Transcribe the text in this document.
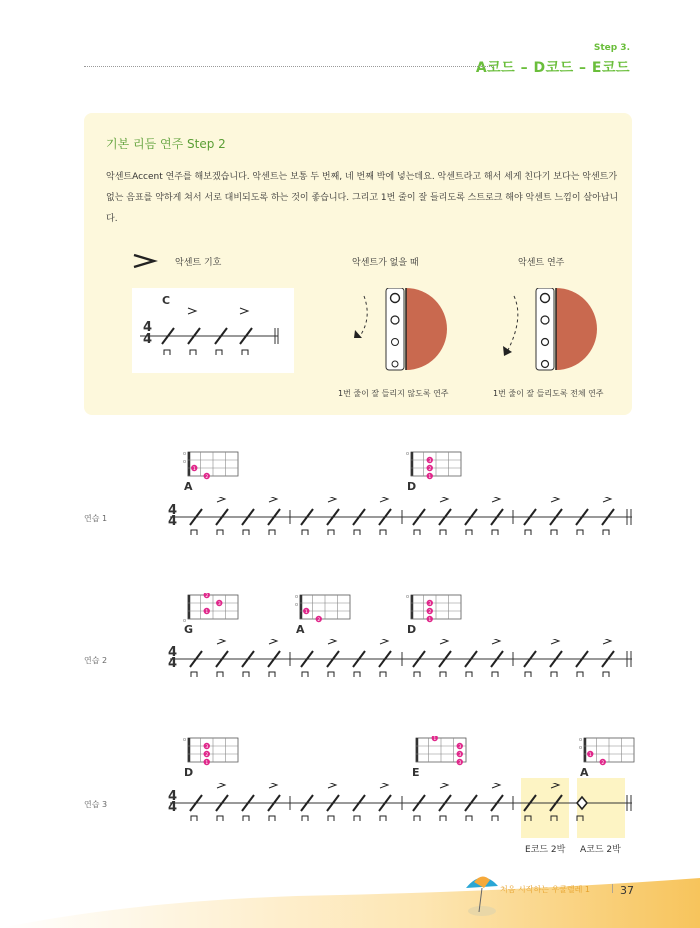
Step 3.
A코드 – D코드 – E코드
기본 리듬 연주 Step 2
악센트Accent 연주를 해보겠습니다. 악센트는 보통 두 번째, 네 번째 박에 넣는데요. 악센트라고 해서 세게 친다기 보다는 악센트가 없는 음표를 약하게 쳐서 서로 대비되도록 하는 것이 좋습니다. 그리고 1번 줄이 잘 들리도록 스트로크 해야 악센트 느낌이 살아납니다.
악센트 기호	악센트가 없을 때	악센트 연주
C
4
4
1번 줄이 잘 들리지 않도록 연주	1번 줄이 잘 들리도록 전체 연주
o
o
1
2
A
o
3
2
1
D
4
4
연습 1
o
2
3
1
G
o
o
1
2
A
o
3
2
1
D
4
4
연습 2
o
3
2
1
D
1
3
3
3
E
o
o
1
2
A
4
4
연습 3
E코드 2박 A코드 2박
처음 시작하는 우쿨렐레 1 | 37
